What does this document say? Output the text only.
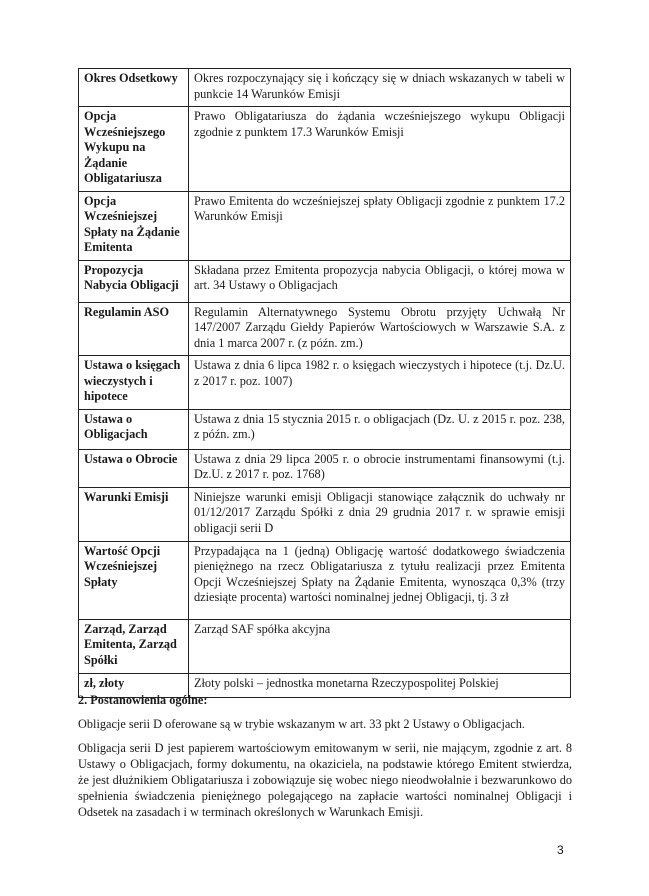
Okres Odsetkowy	Okres rozpoczynający się i kończący się w dniach wskazanych w tabeli w punkcie 14 Warunków Emisji
Opcja Wcześniejszego Wykupu na Żądanie Obligatariusza	Prawo Obligatariusza do żądania wcześniejszego wykupu Obligacji zgodnie z punktem 17.3 Warunków Emisji
Opcja Wcześniejszej Spłaty na Żądanie Emitenta	Prawo Emitenta do wcześniejszej spłaty Obligacji zgodnie z punktem 17.2 Warunków Emisji
Propozycja Nabycia Obligacji	Składana przez Emitenta propozycja nabycia Obligacji, o której mowa w art. 34 Ustawy o Obligacjach
Regulamin ASO	Regulamin Alternatywnego Systemu Obrotu przyjęty Uchwałą Nr 147/2007 Zarządu Giełdy Papierów Wartościowych w Warszawie S.A. z dnia 1 marca 2007 r. (z późn. zm.)
Ustawa o księgach wieczystych i hipotece	Ustawa z dnia 6 lipca 1982 r. o księgach wieczystych i hipotece (t.j. Dz.U. z 2017 r. poz. 1007)
Ustawa o Obligacjach	Ustawa z dnia 15 stycznia 2015 r. o obligacjach (Dz. U. z 2015 r. poz. 238, z późn. zm.)
Ustawa o Obrocie	Ustawa z dnia 29 lipca 2005 r. o obrocie instrumentami finansowymi (t.j. Dz.U. z 2017 r. poz. 1768)
Warunki Emisji	Niniejsze warunki emisji Obligacji stanowiące załącznik do uchwały nr 01/12/2017 Zarządu Spółki z dnia 29 grudnia 2017 r. w sprawie emisji obligacji serii D
Wartość Opcji Wcześniejszej Spłaty	Przypadająca na 1 (jedną) Obligację wartość dodatkowego świadczenia pieniężnego na rzecz Obligatariusza z tytułu realizacji przez Emitenta Opcji Wcześniejszej Spłaty na Żądanie Emitenta, wynosząca 0,3% (trzy dziesiąte procenta) wartości nominalnej jednej Obligacji, tj. 3 zł
Zarząd, Zarząd Emitenta, Zarząd Spółki	Zarząd SAF spółka akcyjna
zł, złoty	Złoty polski – jednostka monetarna Rzeczypospolitej Polskiej
2. Postanowienia ogólne:
Obligacje serii D oferowane są w trybie wskazanym w art. 33 pkt 2 Ustawy o Obligacjach.
Obligacja serii D jest papierem wartościowym emitowanym w serii, nie mającym, zgodnie z art. 8 Ustawy o Obligacjach, formy dokumentu, na okaziciela, na podstawie którego Emitent stwierdza, że jest dłużnikiem Obligatariusza i zobowiązuje się wobec niego nieodwołalnie i bezwarunkowo do spełnienia świadczenia pieniężnego polegającego na zapłacie wartości nominalnej Obligacji i Odsetek na zasadach i w terminach określonych w Warunkach Emisji.
3
